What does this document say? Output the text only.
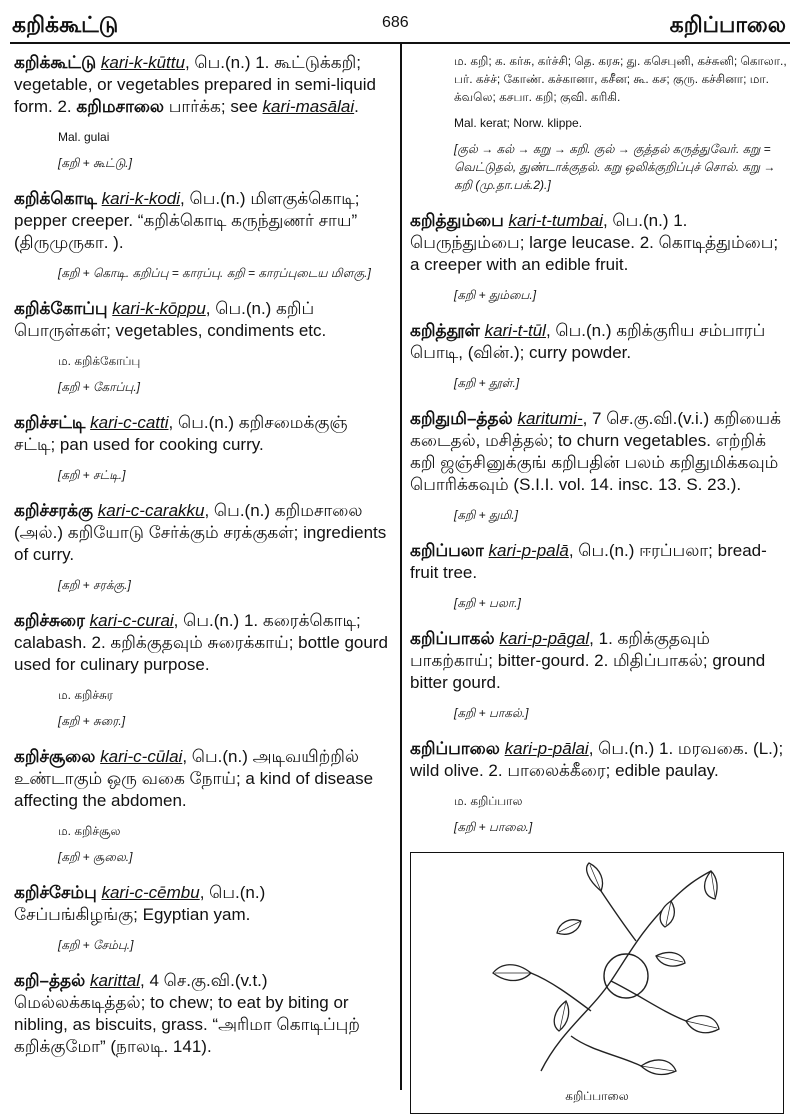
கறிக்கூட்டு	686	கறிப்பாலை
கறிக்கூட்டு kari-k-kūttu, பெ.(n.) 1. கூட்டுக்கறி; vegetable, or vegetables prepared in semi-liquid form. 2. கறிமசாலை பார்க்க; see kari-masālai.
Mal. gulai
[கறி + கூட்டு.]
கறிக்கொடி kari-k-kodi, பெ.(n.) மிளகுக்கொடி; pepper creeper. “கறிக்கொடி கருந்துணர் சாய” (திருமுருகா. ).
[கறி + கொடி. கறிப்பு = காரப்பு. கறி = காரப்புடைய மிளகு.]
கறிக்கோப்பு kari-k-kōppu, பெ.(n.) கறிப் பொருள்கள்; vegetables, condiments etc.
ம. கறிக்கோப்பு
[கறி + கோப்பு.]
கறிச்சட்டி kari-c-catti, பெ.(n.) கறிசமைக்குஞ் சட்டி; pan used for cooking curry.
[கறி + சட்டி.]
கறிச்சரக்கு kari-c-carakku, பெ.(n.) கறிமசாலை (அல்.) கறியோடு சேர்க்கும் சரக்குகள்; ingredients of curry.
[கறி + சரக்கு.]
கறிச்சுரை kari-c-curai, பெ.(n.) 1. கரைக்கொடி; calabash. 2. கறிக்குதவும் சுரைக்காய்; bottle gourd used for culinary purpose.
ம. கறிச்சுர
[கறி + சுரை.]
கறிச்சூலை kari-c-cūlai, பெ.(n.) அடிவயிற்றில் உண்டாகும் ஒரு வகை நோய்; a kind of disease affecting the abdomen.
ம. கறிச்சூல
[கறி + சூலை.]
கறிச்சேம்பு kari-c-cēmbu, பெ.(n.) சேப்பங்கிழங்கு; Egyptian yam.
[கறி + சேம்பு.]
கறி–த்தல் karittal, 4 செ.கு.வி.(v.t.) மெல்லக்கடித்தல்; to chew; to eat by biting or nibling, as biscuits, grass. “அரிமா கொடிப்புற் கறிக்குமோ” (நாலடி. 141).
ம. கறி; க. கர்சு, கர்ச்சி; தெ. கரசு; து. கசெபுனி, கச்சுனி; கொலா., பர். கச்ச்; கோண். கச்கானா, கசீன; கூ. கச; குரு. கச்சினா; மா. க்வலெ; கசபா. கறி; குவி. கரிகி.
Mal. kerat; Norw. klippe.
[குல் → கல் → கறு → கறி. குல் → குத்தல் கருத்துவேர். கறு = வெட்டுதல், துண்டாக்குதல். கறு ஒலிக்குறிப்புச் சொல். கறு → கறி (மு.தா.பக்.2).]
கறித்தும்பை kari-t-tumbai, பெ.(n.) 1. பெருந்தும்பை; large leucase. 2. கொடித்தும்பை; a creeper with an edible fruit.
[கறி + தும்பை.]
கறித்தூள் kari-t-tūl, பெ.(n.) கறிக்குரிய சம்பாரப் பொடி, (வின்.); curry powder.
[கறி + தூள்.]
கறிதுமி–த்தல் karitumi-, 7 செ.கு.வி.(v.i.) கறியைக் கடைதல், மசித்தல்; to churn vegetables. எற்றிக் கறி ஜஞ்சினுக்குங் கறிபதின் பலம் கறிதுமிக்கவும் பொரிக்கவும் (S.I.I. vol. 14. insc. 13. S. 23.).
[கறி + துமி.]
கறிப்பலா kari-p-palā, பெ.(n.) ஈரப்பலா; bread-fruit tree.
[கறி + பலா.]
கறிப்பாகல் kari-p-pāgal, 1. கறிக்குதவும் பாகற்காய்; bitter-gourd. 2. மிதிப்பாகல்; ground bitter gourd.
[கறி + பாகல்.]
கறிப்பாலை kari-p-pālai, பெ.(n.) 1. மரவகை. (L.); wild olive. 2. பாலைக்கீரை; edible paulay.
ம. கறிப்பால
[கறி + பாலை.]
கறிப்பாலை
